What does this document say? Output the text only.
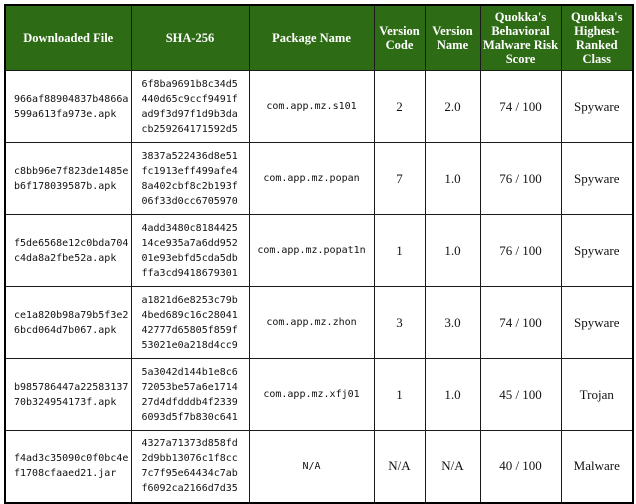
Downloaded File	SHA-256	Package Name	Version Code	Version Name	Quokka's Behavioral Malware Risk Score	Quokka's Highest-Ranked Class
966af88904837b4866a599a613fa973e.apk	6f8ba9691b8c34d5440d65c9ccf9491fad9f3d97f1d9b3dacb259264171592d5	com.app.mz.s101	2	2.0	74 / 100	Spyware
c8bb96e7f823de1485eb6f178039587b.apk	3837a522436d8e51fc1913eff499afe48a402cbf8c2b193f06f33d0cc6705970	com.app.mz.popan	7	1.0	76 / 100	Spyware
f5de6568e12c0bda704c4da8a2fbe52a.apk	4add3480c818442514ce935a7a6dd95201e93ebfd5cda5dbffa3cd9418679301	com.app.mz.popat1n	1	1.0	76 / 100	Spyware
ce1a820b98a79b5f3e26bcd064d7b067.apk	a1821d6e8253c79b4bed689c16c2804142777d65805f859f53021e0a218d4cc9	com.app.mz.zhon	3	3.0	74 / 100	Spyware
b985786447a2258313770b324954173f.apk	5a3042d144b1e8c672053be57a6e171427d4dfdddb4f23396093d5f7b830c641	com.app.mz.xfj01	1	1.0	45 / 100	Trojan
f4ad3c35090c0f0bc4ef1708cfaaed21.jar	4327a71373d858fd2d9bb13076c1f8cc7c7f95e64434c7abf6092ca2166d7d35	N/A	N/A	N/A	40 / 100	Malware
